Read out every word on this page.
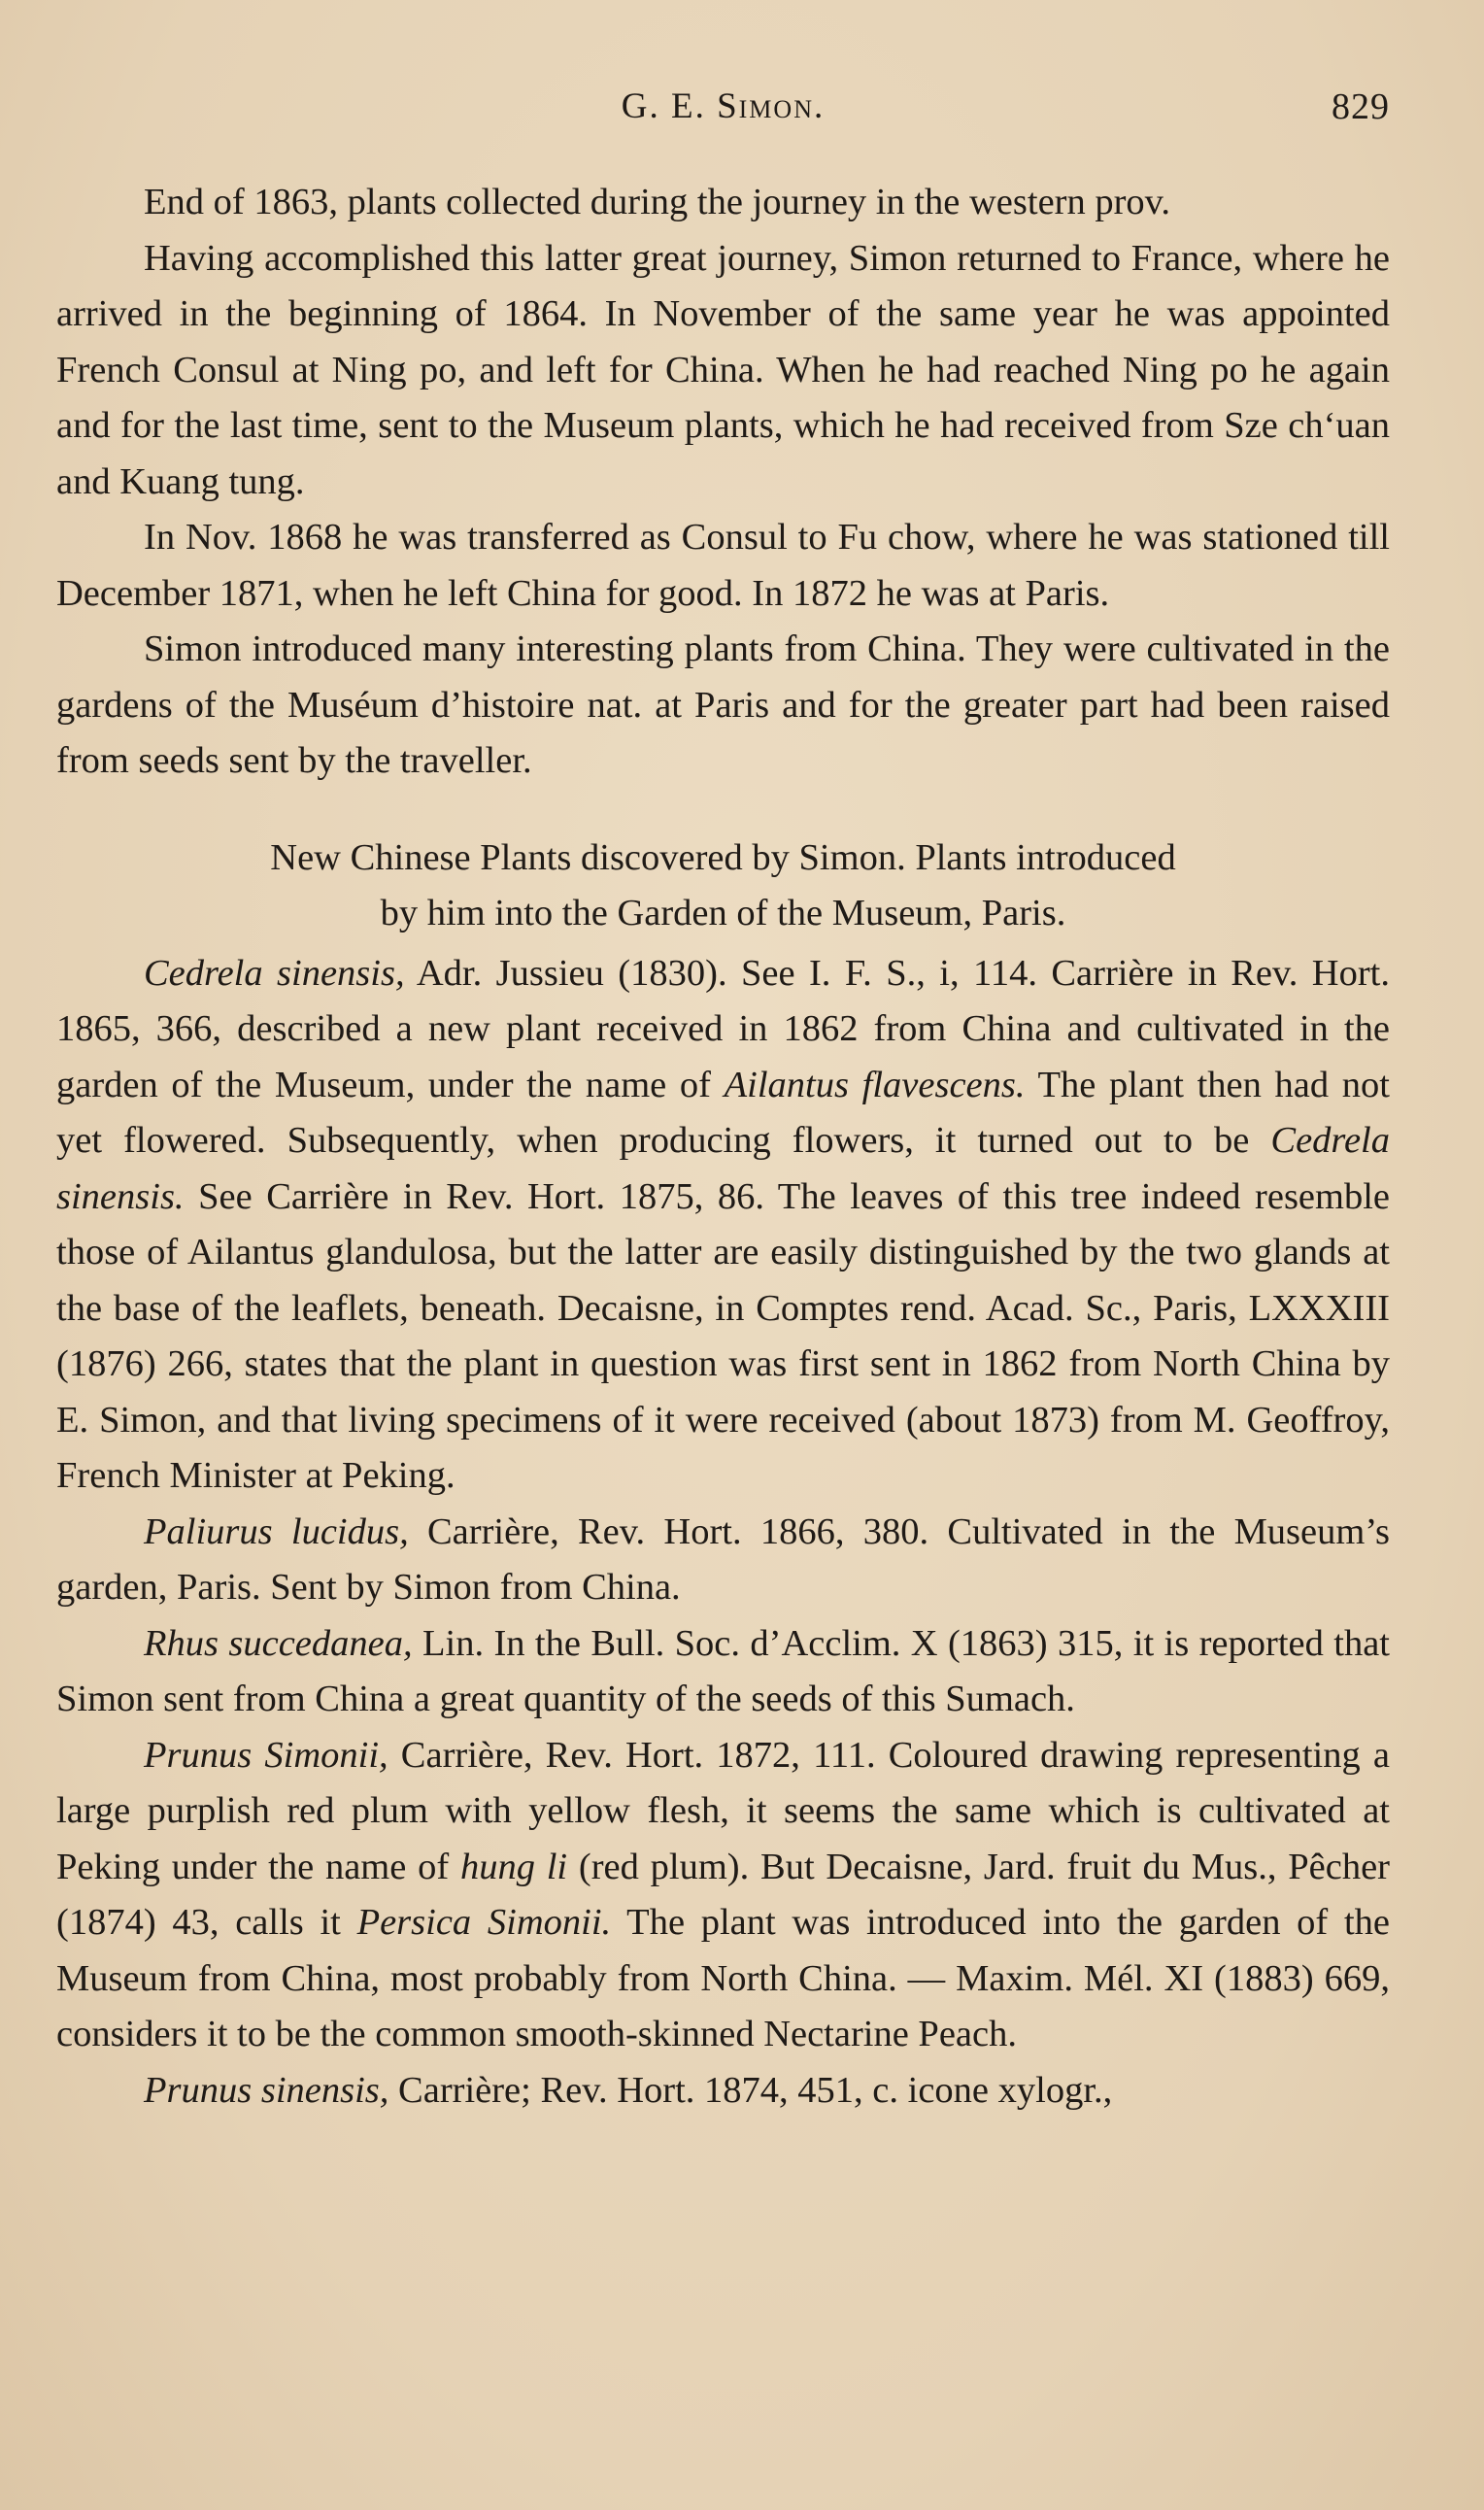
G. E. Simon.	829

End of 1863, plants collected during the journey in the western prov.

Having accomplished this latter great journey, Simon returned to France, where he arrived in the beginning of 1864. In November of the same year he was appointed French Consul at Ning po, and left for China. When he had reached Ning po he again and for the last time, sent to the Museum plants, which he had received from Sze ch‘uan and Kuang tung.

In Nov. 1868 he was transferred as Consul to Fu chow, where he was stationed till December 1871, when he left China for good. In 1872 he was at Paris.

Simon introduced many interesting plants from China. They were cultivated in the gardens of the Muséum d’histoire nat. at Paris and for the greater part had been raised from seeds sent by the traveller.

New Chinese Plants discovered by Simon. Plants introduced
by him into the Garden of the Museum, Paris.

Cedrela sinensis, Adr. Jussieu (1830). See I. F. S., i, 114. Carrière in Rev. Hort. 1865, 366, described a new plant received in 1862 from China and cultivated in the garden of the Museum, under the name of Ailantus flavescens. The plant then had not yet flowered. Subsequently, when producing flowers, it turned out to be Cedrela sinensis. See Carrière in Rev. Hort. 1875, 86. The leaves of this tree indeed resemble those of Ailantus glandulosa, but the latter are easily distinguished by the two glands at the base of the leaflets, beneath. Decaisne, in Comptes rend. Acad. Sc., Paris, LXXXIII (1876) 266, states that the plant in question was first sent in 1862 from North China by E. Simon, and that living specimens of it were received (about 1873) from M. Geoffroy, French Minister at Peking.

Paliurus lucidus, Carrière, Rev. Hort. 1866, 380. Cultivated in the Museum’s garden, Paris. Sent by Simon from China.

Rhus succedanea, Lin. In the Bull. Soc. d’Acclim. X (1863) 315, it is reported that Simon sent from China a great quantity of the seeds of this Sumach.

Prunus Simonii, Carrière, Rev. Hort. 1872, 111. Coloured drawing representing a large purplish red plum with yellow flesh, it seems the same which is cultivated at Peking under the name of hung li (red plum). But Decaisne, Jard. fruit du Mus., Pêcher (1874) 43, calls it Persica Simonii. The plant was introduced into the garden of the Museum from China, most probably from North China. — Maxim. Mél. XI (1883) 669, considers it to be the common smooth-skinned Nectarine Peach.

Prunus sinensis, Carrière; Rev. Hort. 1874, 451, c. icone xylogr.,
